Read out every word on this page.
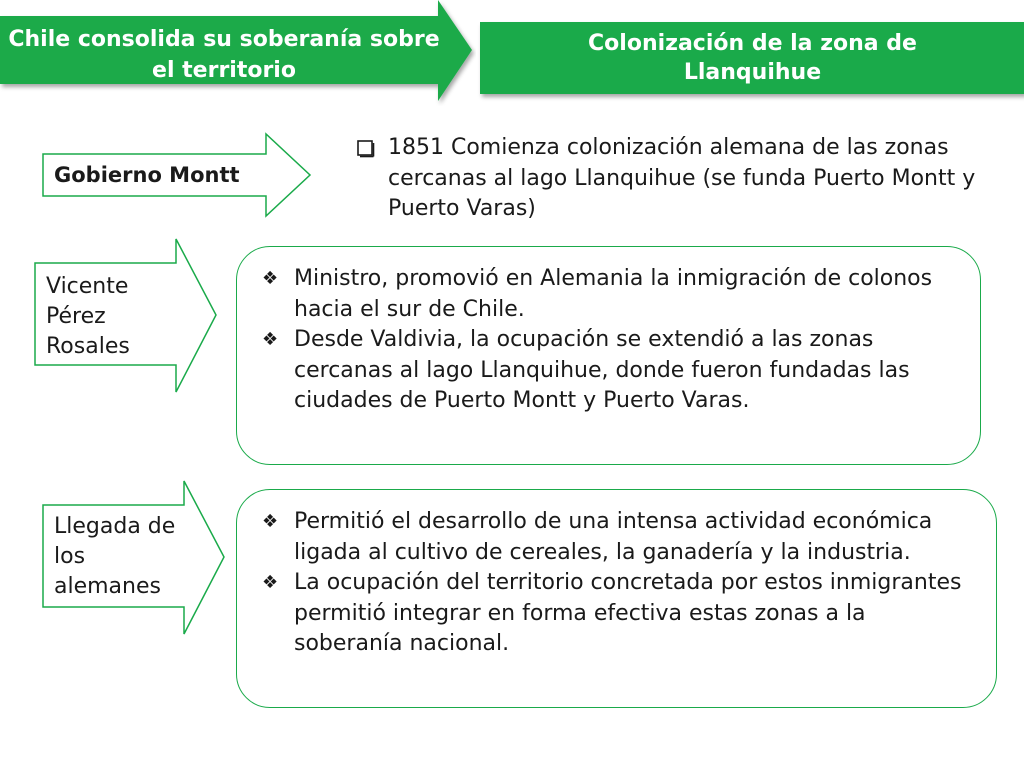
Chile consolida su soberanía sobre el territorio
Colonización de la zona de Llanquihue
Gobierno Montt
1851 Comienza colonización alemana de las zonas cercanas al lago Llanquihue (se funda Puerto Montt y Puerto Varas)
Vicente Pérez Rosales
❖ Ministro, promovió en Alemania la inmigración de colonos hacia el sur de Chile.
❖ Desde Valdivia, la ocupación se extendió a las zonas cercanas al lago Llanquihue, donde fueron fundadas las ciudades de Puerto Montt y Puerto Varas.
Llegada de los alemanes
❖ Permitió el desarrollo de una intensa actividad económica ligada al cultivo de cereales, la ganadería y la industria.
❖ La ocupación del territorio concretada por estos inmigrantes permitió integrar en forma efectiva estas zonas a la soberanía nacional.
